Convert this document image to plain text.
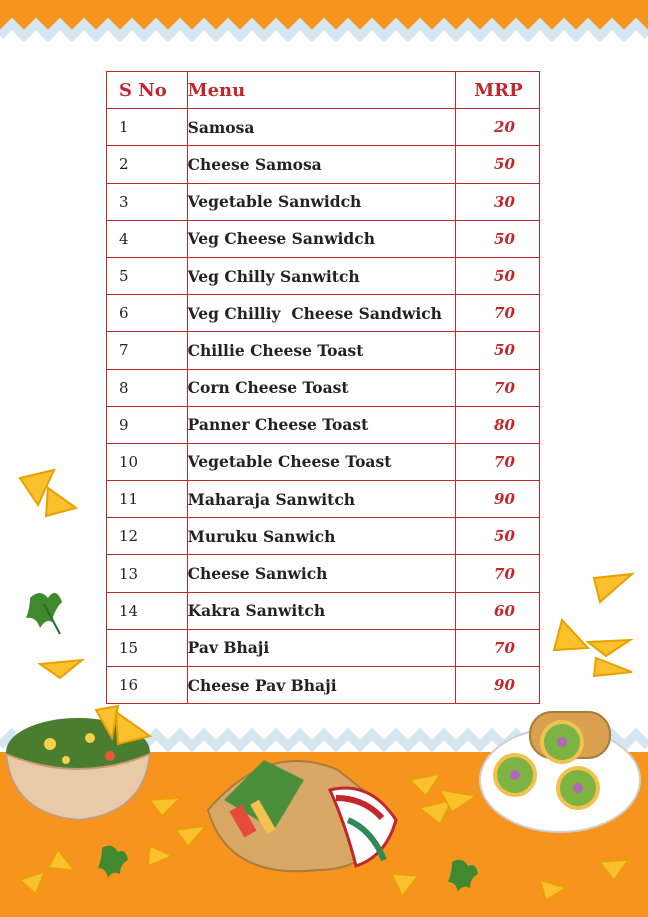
S No	Menu	MRP
1	Samosa	20
2	Cheese Samosa	50
3	Vegetable Sanwidch	30
4	Veg Cheese Sanwidch	50
5	Veg Chilly Sanwitch	50
6	Veg Chilliy  Cheese Sandwich	70
7	Chillie Cheese Toast	50
8	Corn Cheese Toast	70
9	Panner Cheese Toast	80
10	Vegetable Cheese Toast	70
11	Maharaja Sanwitch	90
12	Muruku Sanwich	50
13	Cheese Sanwich	70
14	Kakra Sanwitch	60
15	Pav Bhaji	70
16	Cheese Pav Bhaji	90
